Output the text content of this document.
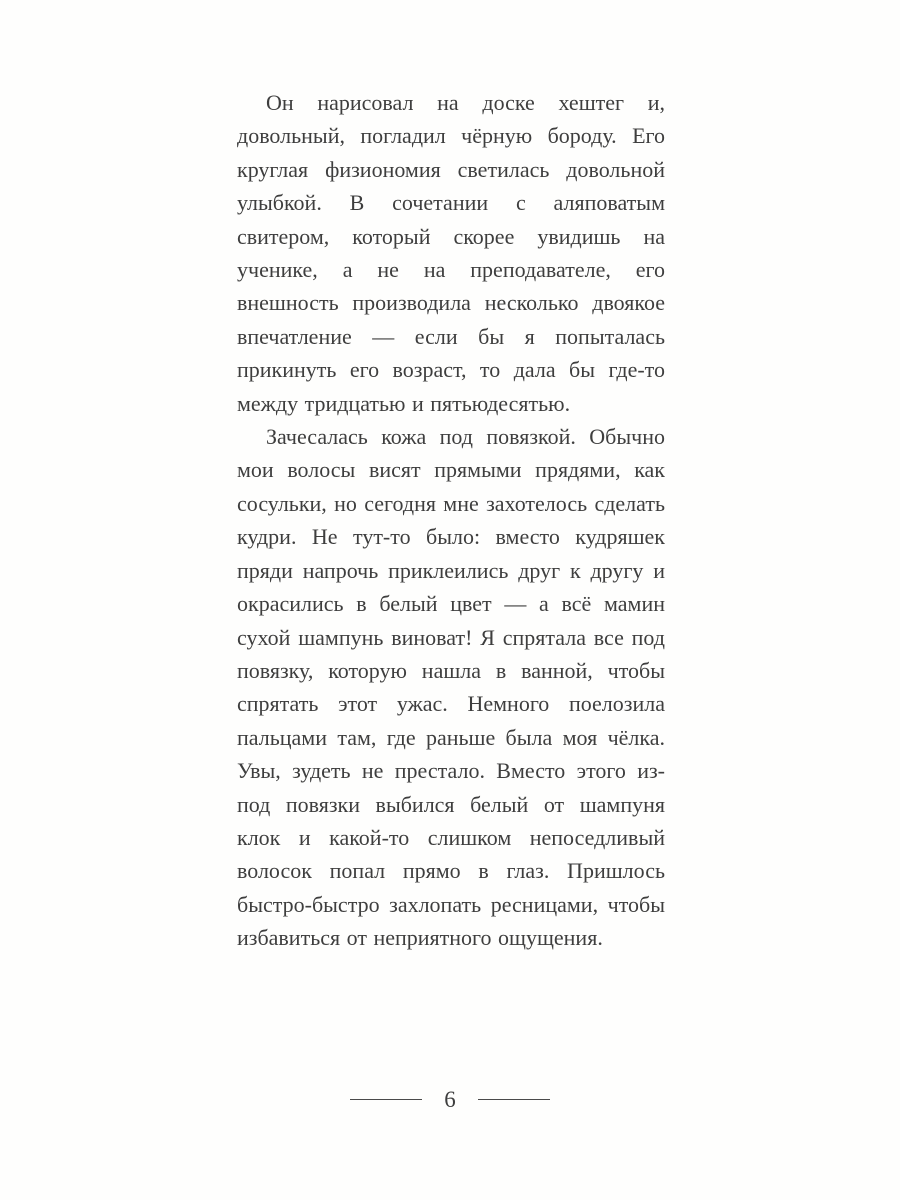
Он нарисовал на доске хештег и, довольный, погладил чёрную бороду. Его круглая физиономия светилась довольной улыбкой. В сочетании с аляповатым свитером, который скорее увидишь на ученике, а не на преподавателе, его внешность производила несколько двоякое впечатление — если бы я попыталась прикинуть его возраст, то дала бы где-то между тридцатью и пятьюдесятью.

Зачесалась кожа под повязкой. Обычно мои волосы висят прямыми прядями, как сосульки, но сегодня мне захотелось сделать кудри. Не тут-то было: вместо кудряшек пряди напрочь приклеились друг к другу и окрасились в белый цвет — а всё мамин сухой шампунь виноват! Я спрятала все под повязку, которую нашла в ванной, чтобы спрятать этот ужас. Немного поелозила пальцами там, где раньше была моя чёлка. Увы, зудеть не престало. Вместо этого из-под повязки выбился белый от шампуня клок и какой-то слишком непоседливый волосок попал прямо в глаз. Пришлось быстро-быстро захлопать ресницами, чтобы избавиться от неприятного ощущения.

6
